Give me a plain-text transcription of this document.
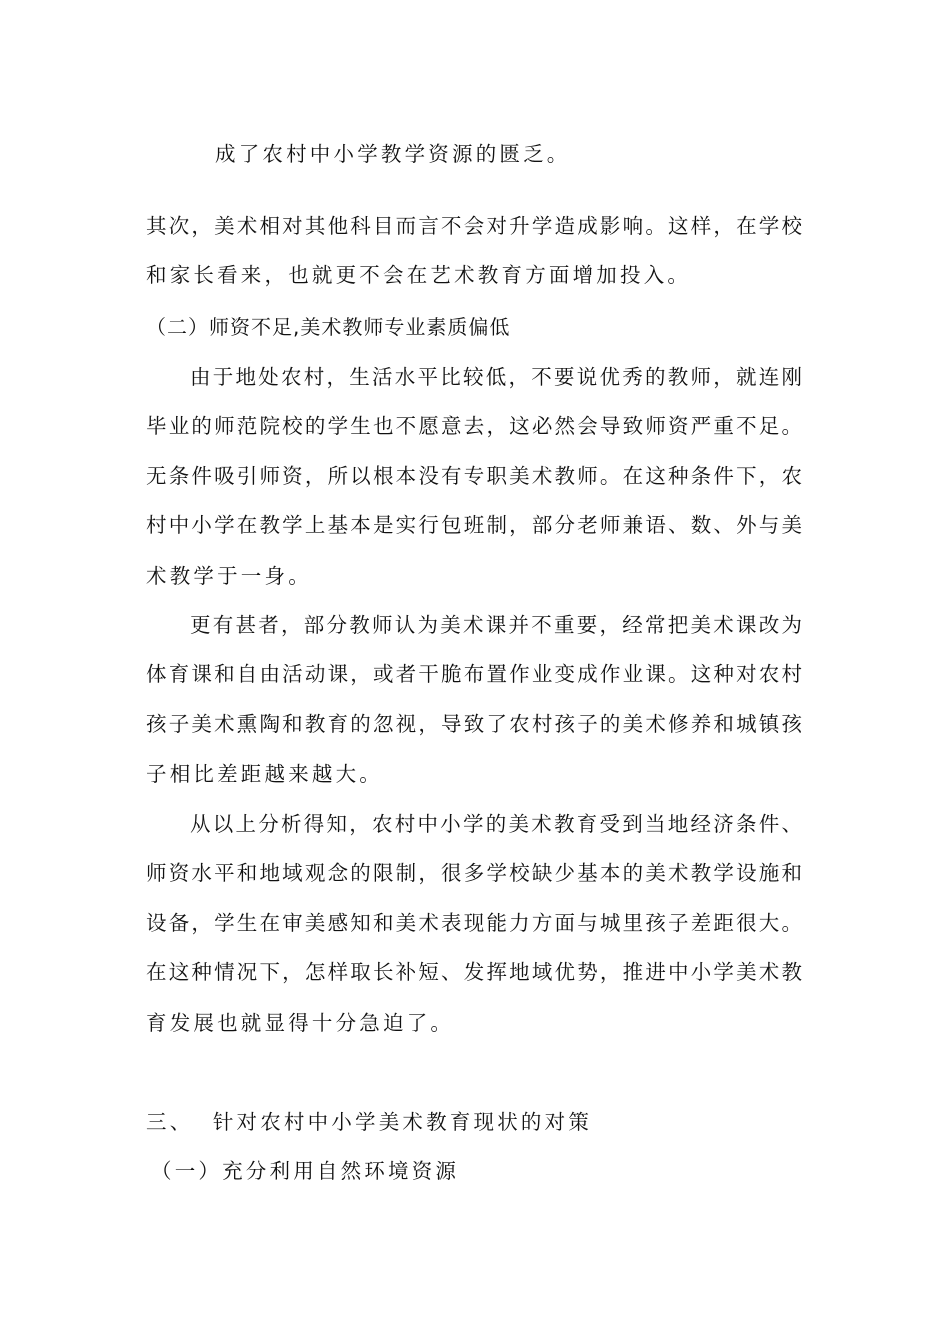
成了农村中小学教学资源的匮乏。
其次，美术相对其他科目而言不会对升学造成影响。这样，在学校
和家长看来，也就更不会在艺术教育方面增加投入。
（二）师资不足,美术教师专业素质偏低
由于地处农村，生活水平比较低，不要说优秀的教师，就连刚
毕业的师范院校的学生也不愿意去，这必然会导致师资严重不足。
无条件吸引师资，所以根本没有专职美术教师。在这种条件下，农
村中小学在教学上基本是实行包班制，部分老师兼语、数、外与美
术教学于一身。
更有甚者，部分教师认为美术课并不重要，经常把美术课改为
体育课和自由活动课，或者干脆布置作业变成作业课。这种对农村
孩子美术熏陶和教育的忽视，导致了农村孩子的美术修养和城镇孩
子相比差距越来越大。
从以上分析得知，农村中小学的美术教育受到当地经济条件、
师资水平和地域观念的限制，很多学校缺少基本的美术教学设施和
设备，学生在审美感知和美术表现能力方面与城里孩子差距很大。
在这种情况下，怎样取长补短、发挥地域优势，推进中小学美术教
育发展也就显得十分急迫了。
三、  针对农村中小学美术教育现状的对策
（一）充分利用自然环境资源
